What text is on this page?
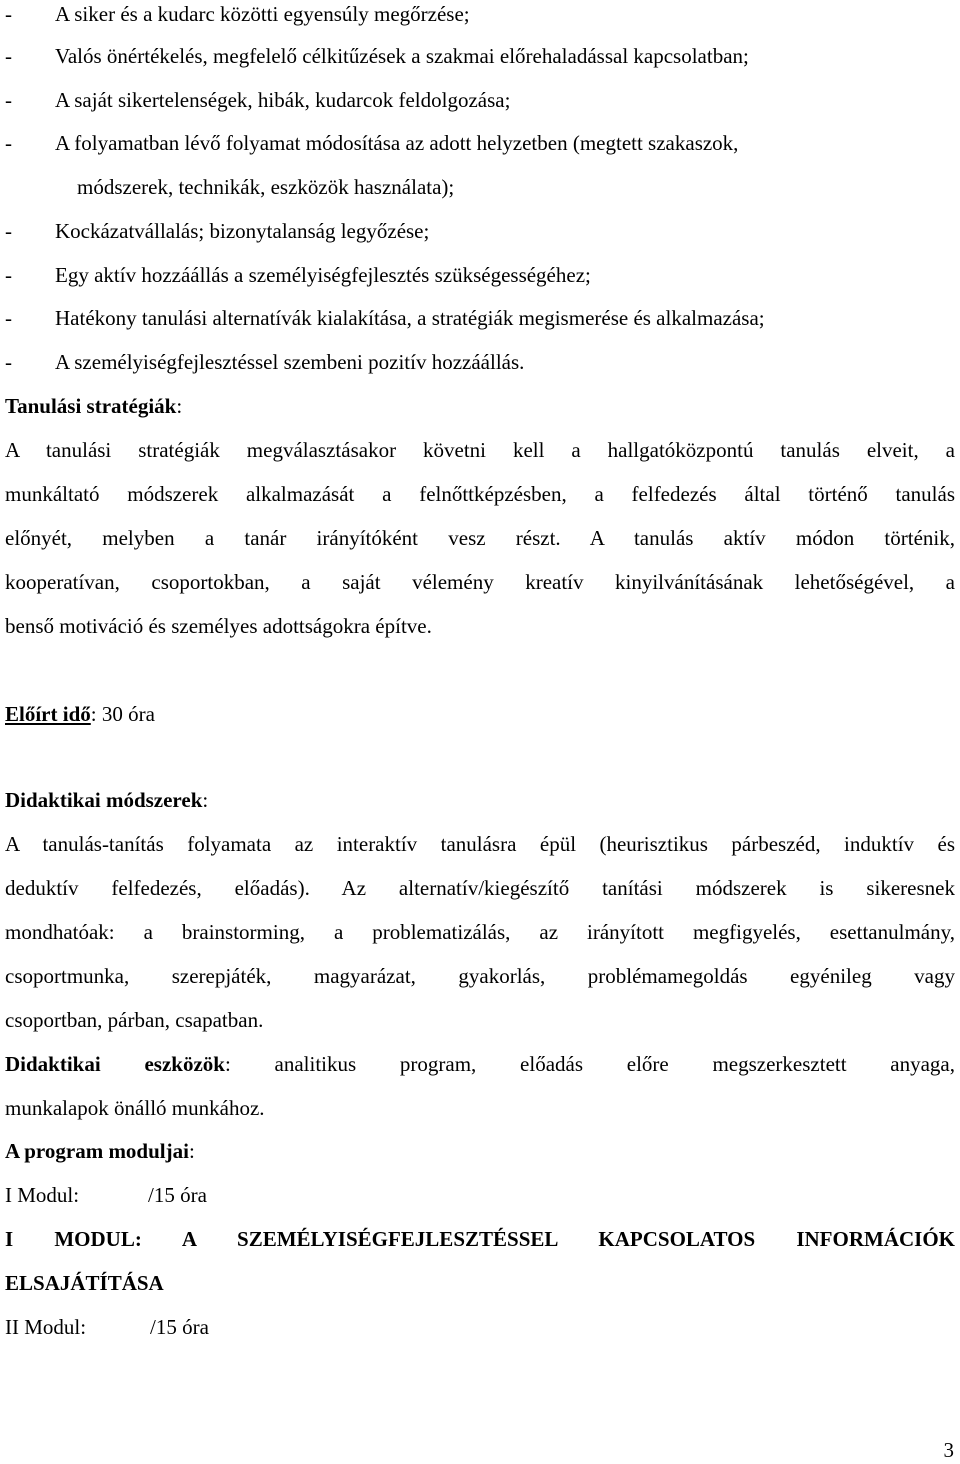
- A siker és a kudarc közötti egyensúly megőrzése;
- Valós önértékelés, megfelelő célkitűzések a szakmai előrehaladással kapcsolatban;
- A saját sikertelenségek, hibák, kudarcok feldolgozása;
- A folyamatban lévő folyamat módosítása az adott helyzetben (megtett szakaszok,
módszerek, technikák, eszközök használata);
- Kockázatvállalás; bizonytalanság legyőzése;
- Egy aktív hozzáállás a személyiségfejlesztés szükségességéhez;
- Hatékony tanulási alternatívák kialakítása, a stratégiák megismerése és alkalmazása;
- A személyiségfejlesztéssel szembeni pozitív hozzáállás.
Tanulási stratégiák:
A tanulási stratégiák megválasztásakor követni kell a hallgatóközpontú tanulás elveit, a
munkáltató módszerek alkalmazását a felnőttképzésben, a felfedezés által történő tanulás
előnyét, melyben a tanár irányítóként vesz részt. A tanulás aktív módon történik,
kooperatívan, csoportokban, a saját vélemény kreatív kinyilvánításának lehetőségével, a
benső motiváció és személyes adottságokra építve.
Előírt idő: 30 óra
Didaktikai módszerek:
A tanulás-tanítás folyamata az interaktív tanulásra épül (heurisztikus párbeszéd, induktív és
deduktív felfedezés, előadás). Az alternatív/kiegészítő tanítási módszerek is sikeresnek
mondhatóak: a brainstorming, a problematizálás, az irányított megfigyelés, esettanulmány,
csoportmunka, szerepjáték, magyarázat, gyakorlás, problémamegoldás egyénileg vagy
csoportban, párban, csapatban.
Didaktikai eszközök: analitikus program, előadás előre megszerkesztett anyaga,
munkalapok önálló munkához.
A program moduljai:
I Modul:	/15 óra
I MODUL: A SZEMÉLYISÉGFEJLESZTÉSSEL KAPCSOLATOS INFORMÁCIÓK
ELSAJÁTÍTÁSA
II Modul:	/15 óra
3
